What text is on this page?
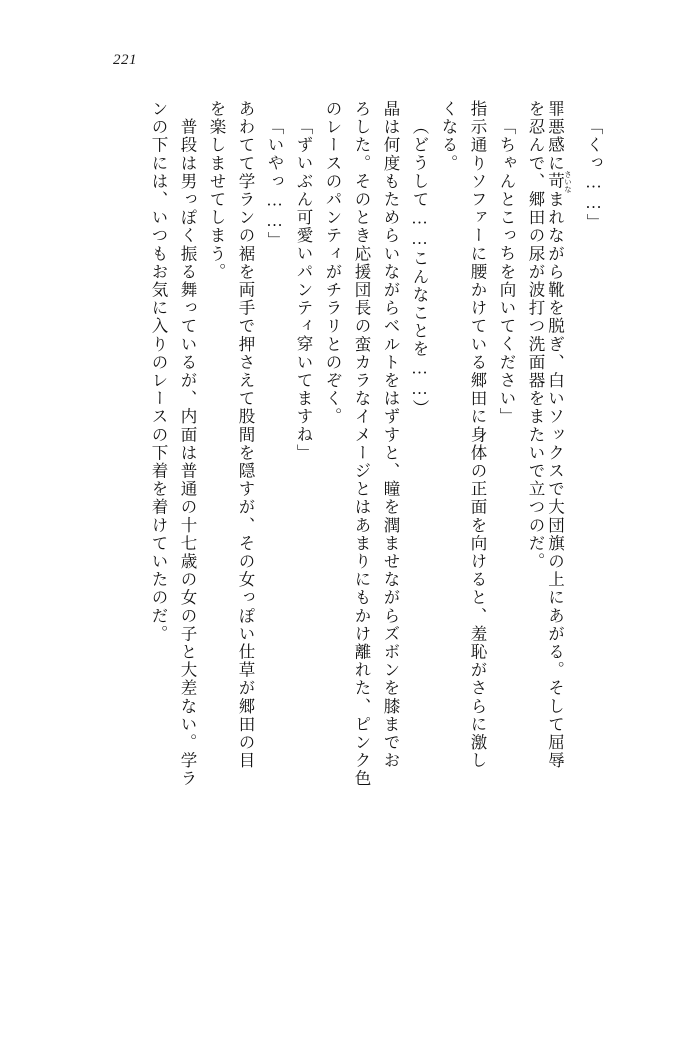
221
「くっ……」
罪悪感に苛 さいなまれながら靴を脱ぎ、白いソックスで大団旗の上にあがる。そして屈辱
を忍んで、郷田の尿が波打つ洗面器をまたいで立つのだ。
「ちゃんとこっちを向いてください」
指示通りソファーに腰かけている郷田に身体の正面を向けると、羞恥がさらに激し
くなる。
（どうして……こんなことを……）
晶は何度もためらいながらベルトをはずすと、瞳を潤ませながらズボンを膝までお
ろした。そのとき応援団長の蛮カラなイメージとはあまりにもかけ離れた、ピンク色
のレースのパンティがチラリとのぞく。
「ずいぶん可愛いパンティ穿いてますね」
「いやっ……」
あわてて学ランの裾を両手で押さえて股間を隠すが、その女っぽい仕草が郷田の目
を楽しませてしまう。
　普段は男っぽく振る舞っているが、内面は普通の十七歳の女の子と大差ない。学ラ
ンの下には、いつもお気に入りのレースの下着を着けていたのだ。
